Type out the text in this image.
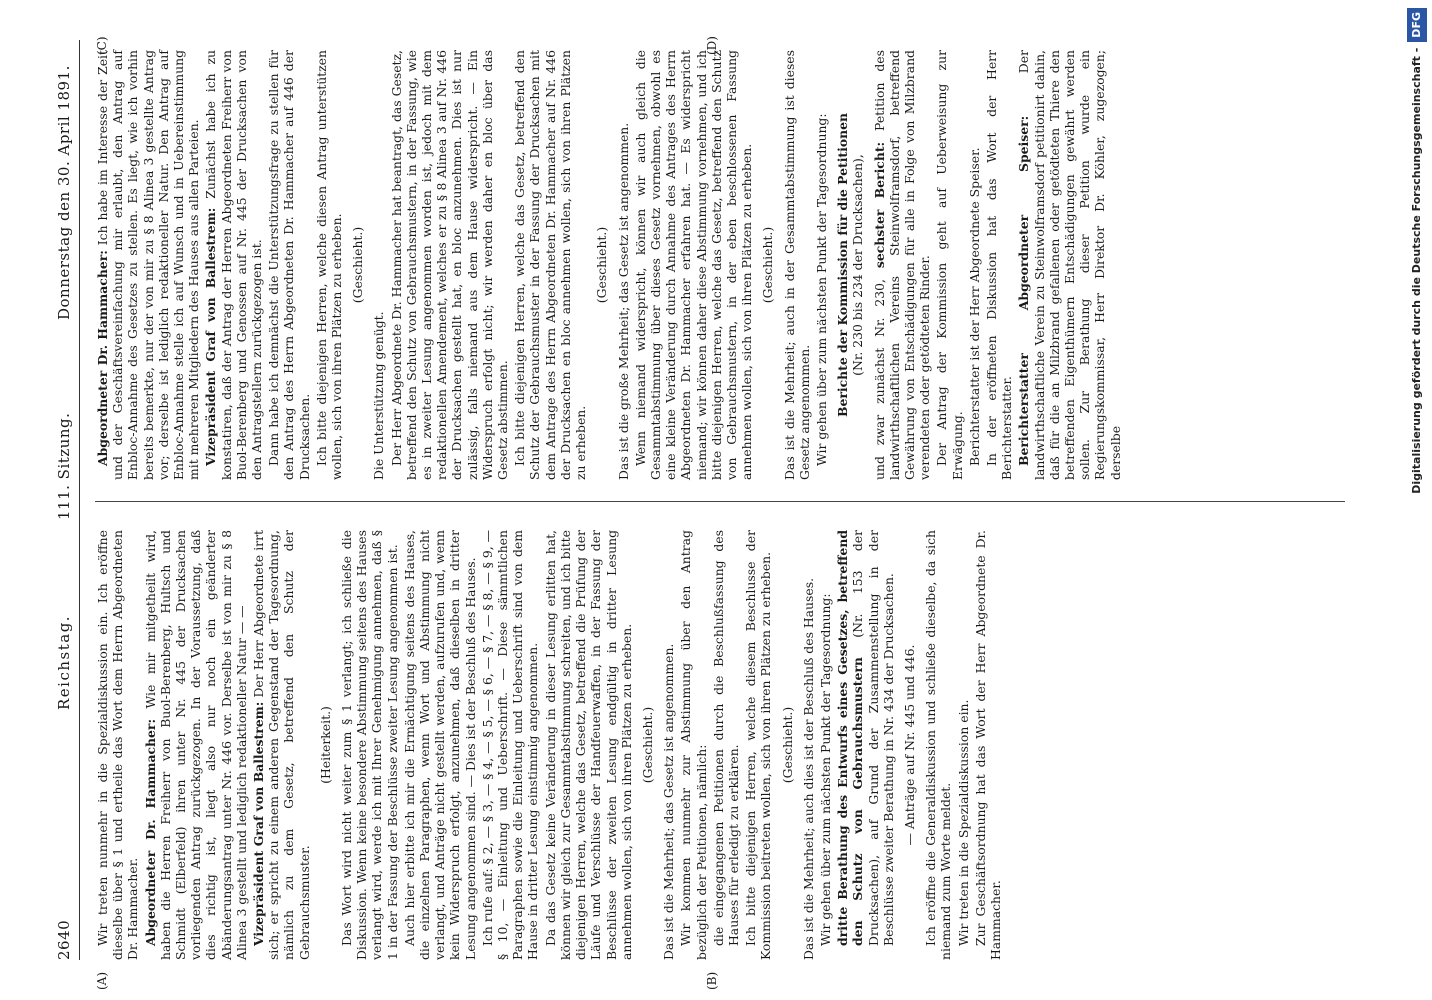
2640
Reichstag.
111. Sitzung.
Donnerstag den 30. April 1891.
(A)	(B)
(C)	(D)

Wir treten nunmehr in die Spezialdiskussion ein. Ich eröffne dieselbe über § 1 und ertheile das Wort dem Herrn Abgeordneten Dr. Hammacher. Abgeordneter Dr. Hammacher: Wie mir mitgetheilt wird, haben die Herren Freiherr von Buol-Berenberg, Hultsch und Schmidt (Elberfeld) ihren unter Nr. 445 der Drucksachen vorliegenden Antrag zurückgezogen. In der Voraussetzung, daß dies richtig ist, liegt also nur noch ein geänderter Abänderungsantrag unter Nr. 446 vor. Derselbe ist von mir zu § 8 Alinea 3 gestellt und lediglich redaktioneller Natur — — Vizepräsident Graf von Ballestrem: Der Herr Abgeordnete irrt sich; er spricht zu einem anderen Gegenstand der Tagesordnung, nämlich zu dem Gesetz, betreffend den Schutz der Gebrauchsmuster.

(Heiterkeit.) Das Wort wird nicht weiter zum § 1 verlangt; ich schließe die Diskussion. Wenn keine besondere Abstimmung seitens des Hauses verlangt wird, werde ich mit Ihrer Genehmigung annehmen, daß § 1 in der Fassung der Beschlüsse zweiter Lesung angenommen ist. Auch hier erbitte ich mir die Ermächtigung seitens des Hauses, die einzelnen Paragraphen, wenn Wort und Abstimmung nicht verlangt, und Anträge nicht gestellt werden, aufzurufen und, wenn kein Widerspruch erfolgt, anzunehmen, daß dieselben in dritter Lesung angenommen sind. — Dies ist der Beschluß des Hauses. Ich rufe auf: § 2, — § 3, — § 4, — § 5, — § 6, — § 7, — § 8, — § 9, — § 10, — Einleitung und Ueberschrift. — Diese sämmtlichen Paragraphen sowie die Einleitung und Ueberschrift sind von dem Hause in dritter Lesung einstimmig angenommen. Da das Gesetz keine Veränderung in dieser Lesung erlitten hat, können wir gleich zur Gesammtabstimmung schreiten, und ich bitte diejenigen Herren, welche das Gesetz, betreffend die Prüfung der Läufe und Verschlüsse der Handfeuerwaffen, in der Fassung der Beschlüsse der zweiten Lesung endgültig in dritter Lesung annehmen wollen, sich von ihren Plätzen zu erheben. (Geschieht.) Das ist die Mehrheit; das Gesetz ist angenommen. Wir kommen nunmehr zur Abstimmung über den Antrag bezüglich der Petitionen, nämlich: die eingegangenen Petitionen durch die Beschlußfassung des Hauses für erledigt zu erklären. Ich bitte diejenigen Herren, welche diesem Beschlusse der Kommission beitreten wollen, sich von ihren Plätzen zu erheben. (Geschieht.) Das ist die Mehrheit; auch dies ist der Beschluß des Hauses. Wir gehen über zum nächsten Punkt der Tagesordnung: dritte Berathung des Entwurfs eines Gesetzes, betreffend den Schutz von Gebrauchsmustern (Nr. 153 der Drucksachen), auf Grund der Zusammenstellung in der Beschlüsse zweiter Berathung in Nr. 434 der Drucksachen. — Anträge auf Nr. 445 und 446. Ich eröffne die Generaldiskussion und schließe dieselbe, da sich niemand zum Worte meldet. Wir treten in die Spezialdiskussion ein. Zur Geschäftsordnung hat das Wort der Herr Abgeordnete Dr. Hammacher.

Abgeordneter Dr. Hammacher: Ich habe im Interesse der Zeit und der Geschäftsvereinfachung mir erlaubt, den Antrag auf Enbloc-Annahme des Gesetzes zu stellen. Es liegt, wie ich vorhin bereits bemerkte, nur der von mir zu § 8 Alinea 3 gestellte Antrag vor; derselbe ist lediglich redaktioneller Natur. Den Antrag auf Enbloc-Annahme stelle ich auf Wunsch und in Uebereinstimmung mit mehreren Mitgliedern des Hauses aus allen Parteien. Vizepräsident Graf von Ballestrem: Zunächst habe ich zu konstatiren, daß der Antrag der Herren Abgeordneten Freiherr von Buol-Berenberg und Genossen auf Nr. 445 der Drucksachen von den Antragstellern zurückgezogen ist. Dann habe ich demnächst die Unterstützungsfrage zu stellen für den Antrag des Herrn Abgeordneten Dr. Hammacher auf 446 der Drucksachen. Ich bitte diejenigen Herren, welche diesen Antrag unterstützen wollen, sich von ihren Plätzen zu erheben. (Geschieht.)

Die Unterstützung genügt. Der Herr Abgeordnete Dr. Hammacher hat beantragt, das Gesetz, betreffend den Schutz von Gebrauchsmustern, in der Fassung, wie es in zweiter Lesung angenommen worden ist, jedoch mit dem redaktionellen Amendement, welches er zu § 8 Alinea 3 auf Nr. 446 der Drucksachen gestellt hat, en bloc anzunehmen. Dies ist nur zulässig, falls niemand aus dem Hause widerspricht. — Ein Widerspruch erfolgt nicht; wir werden daher en bloc über das Gesetz abstimmen. Ich bitte diejenigen Herren, welche das Gesetz, betreffend den Schutz der Gebrauchsmuster in der Fassung der Drucksachen mit dem Antrage des Herrn Abgeordneten Dr. Hammacher auf Nr. 446 der Drucksachen en bloc annehmen wollen, sich von ihren Plätzen zu erheben.

(Geschieht.) Das ist die große Mehrheit; das Gesetz ist angenommen. Wenn niemand widerspricht, können wir auch gleich die Gesammtabstimmung über dieses Gesetz vornehmen, obwohl es eine kleine Veränderung durch Annahme des Antrages des Herrn Abgeordneten Dr. Hammacher erfahren hat. — Es widerspricht niemand; wir können daher diese Abstimmung vornehmen, und ich bitte diejenigen Herren, welche das Gesetz, betreffend den Schutz von Gebrauchsmustern, in der eben beschlossenen Fassung annehmen wollen, sich von ihren Plätzen zu erheben. (Geschieht.) Das ist die Mehrheit; auch in der Gesammtabstimmung ist dieses Gesetz angenommen. Wir gehen über zum nächsten Punkt der Tagesordnung: Berichte der Kommission für die Petitionen
(Nr. 230 bis 234 der Drucksachen),

und zwar zunächst Nr. 230, sechster Bericht: Petition des landwirthschaftlichen Vereins Steinwolframsdorf, betreffend Gewährung von Entschädigungen für alle in Folge von Milzbrand verendeten oder getödteten Rinder. Der Antrag der Kommission geht auf Ueberweisung zur Erwägung. Berichterstatter ist der Herr Abgeordnete Speiser. In der eröffneten Diskussion hat das Wort der Herr Berichterstatter. Berichterstatter Abgeordneter Speiser: Der landwirthschaftliche Verein zu Steinwolframsdorf petitionirt dahin, daß für die an Milzbrand gefallenen oder getödteten Thiere den betreffenden Eigenthümern Entschädigungen gewährt werden sollen. Zur Berathung dieser Petition wurde ein Regierungskommissar, Herr Direktor Dr. Köhler, zugezogen; derselbe	Digitalisierung gefördert durch die Deutsche Forschungsgemeinschaft -DFG
